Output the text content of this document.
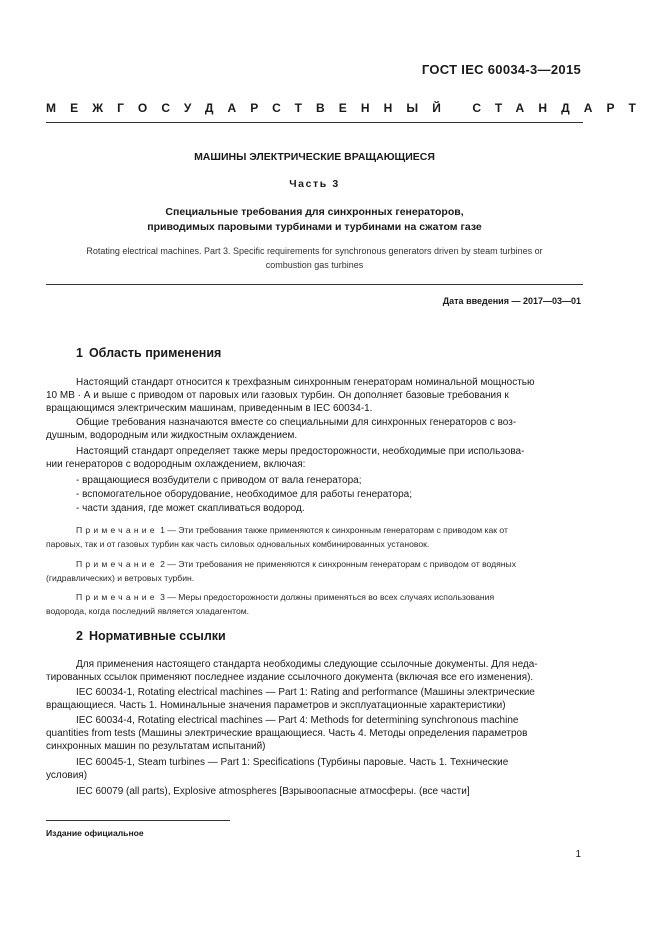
ГОСТ IEC 60034-3—2015
МЕЖГОСУДАРСТВЕННЫЙ СТАНДАРТ
МАШИНЫ ЭЛЕКТРИЧЕСКИЕ ВРАЩАЮЩИЕСЯ
Часть 3
Специальные требования для синхронных генераторов,
приводимых паровыми турбинами и турбинами на сжатом газе
Rotating electrical machines. Part 3. Specific requirements for synchronous generators driven by steam turbines or
combustion gas turbines
Дата введения — 2017—03—01
1 Область применения
Настоящий стандарт относится к трехфазным синхронным генераторам номинальной мощностью
10 МВ · А и выше с приводом от паровых или газовых турбин. Он дополняет базовые требования к
вращающимся электрическим машинам, приведенным в IEC 60034-1.
Общие требования назначаются вместе со специальными для синхронных генераторов с воз-
душным, водородным или жидкостным охлаждением.
Настоящий стандарт определяет также меры предосторожности, необходимые при использова-
нии генераторов с водородным охлаждением, включая:
- вращающиеся возбудители с приводом от вала генератора;
- вспомогательное оборудование, необходимое для работы генератора;
- части здания, где может скапливаться водород.
Примечание 1 — Эти требования также применяются к синхронным генераторам с приводом как от
паровых, так и от газовых турбин как часть силовых одновальных комбинированных установок.
Примечание 2 — Эти требования не применяются к синхронным генераторам с приводом от водяных
(гидравлических) и ветровых турбин.
Примечание 3 — Меры предосторожности должны применяться во всех случаях использования
водорода, когда последний является хладагентом.
2 Нормативные ссылки
Для применения настоящего стандарта необходимы следующие ссылочные документы. Для недa-
тированных ссылок применяют последнее издание ссылочного документа (включая все его изменения).
IEC 60034-1, Rotating electrical machines — Part 1: Rating and performance (Машины электрические
вращающиеся. Часть 1. Номинальные значения параметров и эксплуатационные характеристики)
IEC 60034-4, Rotating electrical machines — Part 4: Methods for determining synchronous machine
quantities from tests (Машины электрические вращающиеся. Часть 4. Методы определения параметров
синхронных машин по результатам испытаний)
IEC 60045-1, Steam turbines — Part 1: Specifications (Турбины паровые. Часть 1. Технические
условия)
IEC 60079 (all parts), Explosive atmospheres [Взрывоопасные атмосферы. (все части]
Издание официальное
1
